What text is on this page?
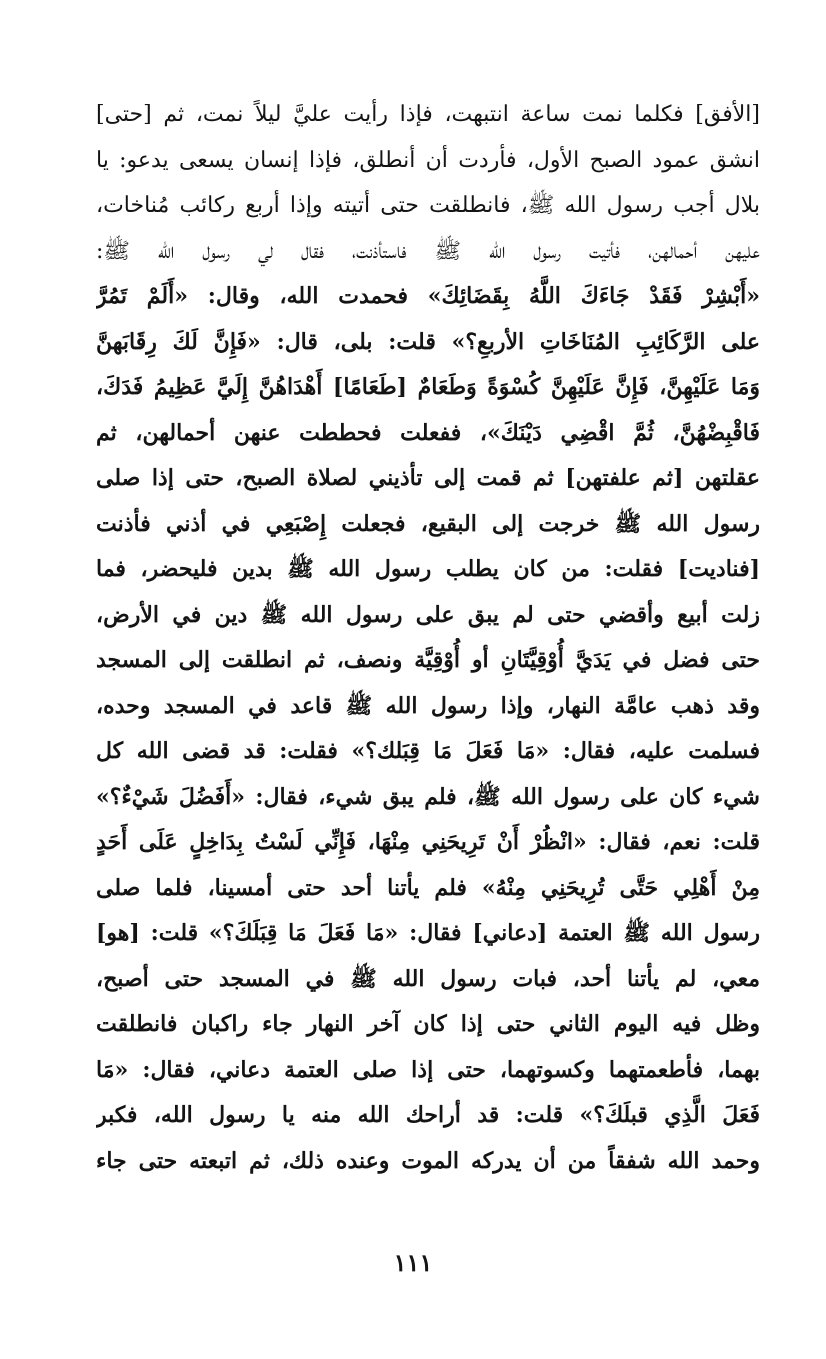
[الأفق] فكلما نمت ساعة انتبهت، فإذا رأيت عليَّ ليلاً نمت، ثم [حتى]
انشق عمود الصبح الأول، فأردت أن أنطلق، فإذا إنسان يسعى يدعو: يا
بلال أجب رسول الله ﷺ، فانطلقت حتى أتيته وإذا أربع ركائب مُناخات،
عليهن أحمالهن، فأتيت رسول الله ﷺ فاستأذنت، فقال لي رسول الله ﷺ:
«أَبْشِرْ فَقَدْ جَاءَكَ اللَّهُ بِقَضَائِكَ» فحمدت الله، وقال: «أَلَمْ تَمُرَّ
على الرَّكَائِبِ المُنَاخَاتِ الأربعِ؟» قلت: بلى، قال: «فَإِنَّ لَكَ رِقَابَهنَّ
وَمَا عَلَيْهِنَّ، فَإِنَّ عَلَيْهِنَّ كُسْوَةً وَطَعَامٌ [طَعَامًا] أَهْدَاهُنَّ إِلَيَّ عَظِيمُ فَدَكَ،
فَاقْبِضْهُنَّ، ثُمَّ اقْضِي دَيْنَكَ»، ففعلت فحططت عنهن أحمالهن، ثم
عقلتهن [ثم علفتهن] ثم قمت إلى تأذيني لصلاة الصبح، حتى إذا صلى
رسول الله ﷺ خرجت إلى البقيع، فجعلت إِصْبَعِي في أذني فأذنت
[فناديت] فقلت: من كان يطلب رسول الله ﷺ بدين فليحضر، فما
زلت أبيع وأقضي حتى لم يبق على رسول الله ﷺ دين في الأرض،
حتى فضل في يَدَيَّ أُوْقِيَّتَانِ أو أُوْقِيَّة ونصف، ثم انطلقت إلى المسجد
وقد ذهب عامَّة النهار، وإذا رسول الله ﷺ قاعد في المسجد وحده،
فسلمت عليه، فقال: «مَا فَعَلَ مَا قِبَلك؟» فقلت: قد قضى الله كل
شيء كان على رسول الله ﷺ، فلم يبق شيء، فقال: «أَفَضُلَ شَيْءٌ؟»
قلت: نعم، فقال: «انْظُرْ أَنْ تَرِيحَنِي مِنْهَا، فَإِنِّي لَسْتُ بِدَاخِلٍ عَلَى أَحَدٍ
مِنْ أَهْلِي حَتَّى تُرِيحَنِي مِنْهُ» فلم يأتنا أحد حتى أمسينا، فلما صلى
رسول الله ﷺ العتمة [دعاني] فقال: «مَا فَعَلَ مَا قِبَلَكَ؟» قلت: [هو]
معي، لم يأتنا أحد، فبات رسول الله ﷺ في المسجد حتى أصبح،
وظل فيه اليوم الثاني حتى إذا كان آخر النهار جاء راكبان فانطلقت
بهما، فأطعمتهما وكسوتهما، حتى إذا صلى العتمة دعاني، فقال: «مَا
فَعَلَ الَّذِي قبلَكَ؟» قلت: قد أراحك الله منه يا رسول الله، فكبر
وحمد الله شفقاً من أن يدركه الموت وعنده ذلك، ثم اتبعته حتى جاء
١١١
